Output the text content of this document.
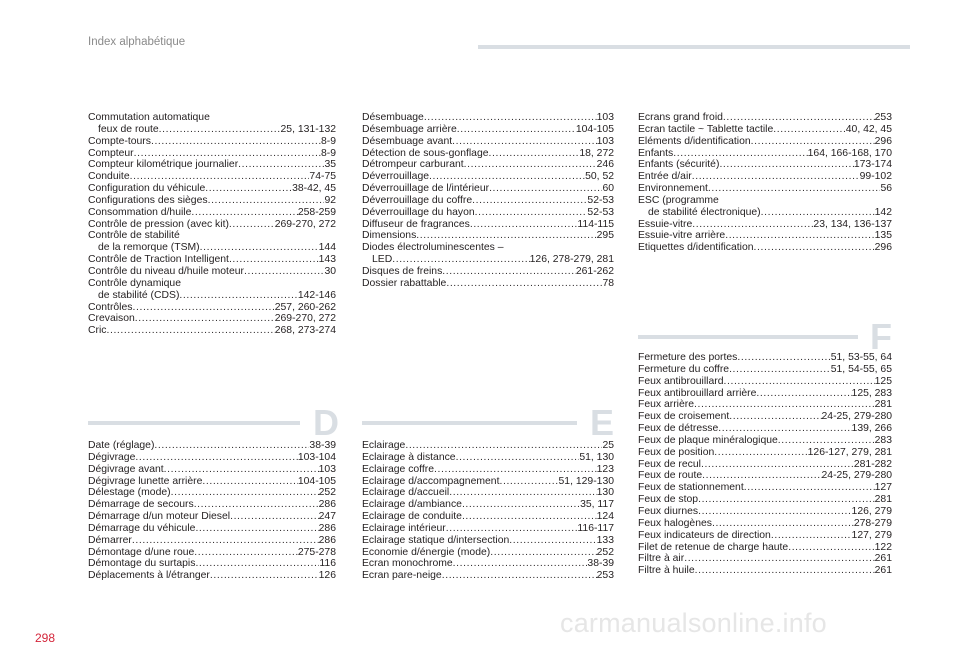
Index alphabétique
Commutation automatique
feux de route .....	25, 131-132
Compte-tours .....	8-9
Compteur .....	8-9
Compteur kilométrique journalier .....	35
Conduite .....	74-75
Configuration du véhicule .....	38-42, 45
Configurations des sièges .....	92
Consommation d/huile .....	258-259
Contrôle de pression (avec kit) .....	269-270, 272
Contrôle de stabilité
de la remorque (TSM) .....	144
Contrôle de Traction Intelligent .....	143
Contrôle du niveau d/huile moteur .....	30
Contrôle dynamique
de stabilité (CDS) .....	142-146
Contrôles .....	257, 260-262
Crevaison .....	269-270, 272
Cric .....	268, 273-274
Désembuage .....	103
Désembuage arrière .....	104-105
Désembuage avant .....	103
Détection de sous-gonflage .....	18, 272
Détrompeur carburant .....	246
Déverrouillage .....	50, 52
Déverrouillage de l/intérieur .....	60
Déverrouillage du coffre .....	52-53
Déverrouillage du hayon .....	52-53
Diffuseur de fragrances .....	114-115
Dimensions .....	295
Diodes électroluminescentes –
LED .....	126, 278-279, 281
Disques de freins .....	261-262
Dossier rabattable .....	78
Ecrans grand froid .....	253
Ecran tactile ~ Tablette tactile .....	40, 42, 45
Eléments d/identification .....	296
Enfants .....	164, 166-168, 170
Enfants (sécurité) .....	173-174
Entrée d/air .....	99-102
Environnement .....	56
ESC (programme
de stabilité électronique) .....	142
Essuie-vitre .....	23, 134, 136-137
Essuie-vitre arrière .....	135
Etiquettes d/identification .....	296
D
Date (réglage) .....	38-39
Dégivrage .....	103-104
Dégivrage avant .....	103
Dégivrage lunette arrière .....	104-105
Délestage (mode) .....	252
Démarrage de secours .....	286
Démarrage d/un moteur Diesel .....	247
Démarrage du véhicule .....	286
Démarrer .....	286
Démontage d/une roue .....	275-278
Démontage du surtapis .....	116
Déplacements à l/étranger .....	126
E
Eclairage .....	25
Eclairage à distance .....	51, 130
Eclairage coffre .....	123
Eclairage d/accompagnement .....	51, 129-130
Eclairage d/accueil .....	130
Eclairage d/ambiance .....	35, 117
Eclairage de conduite .....	124
Eclairage intérieur .....	116-117
Eclairage statique d/intersection .....	133
Economie d/énergie (mode) .....	252
Ecran monochrome .....	38-39
Ecran pare-neige .....	253
F
Fermeture des portes .....	51, 53-55, 64
Fermeture du coffre .....	51, 54-55, 65
Feux antibrouillard .....	125
Feux antibrouillard arrière .....	125, 283
Feux arrière .....	281
Feux de croisement .....	24-25, 279-280
Feux de détresse .....	139, 266
Feux de plaque minéralogique .....	283
Feux de position .....	126-127, 279, 281
Feux de recul .....	281-282
Feux de route .....	24-25, 279-280
Feux de stationnement .....	127
Feux de stop .....	281
Feux diurnes .....	126, 279
Feux halogènes .....	278-279
Feux indicateurs de direction .....	127, 279
Filet de retenue de charge haute .....	122
Filtre à air .....	261
Filtre à huile .....	261
298	carmanualsonline.info
